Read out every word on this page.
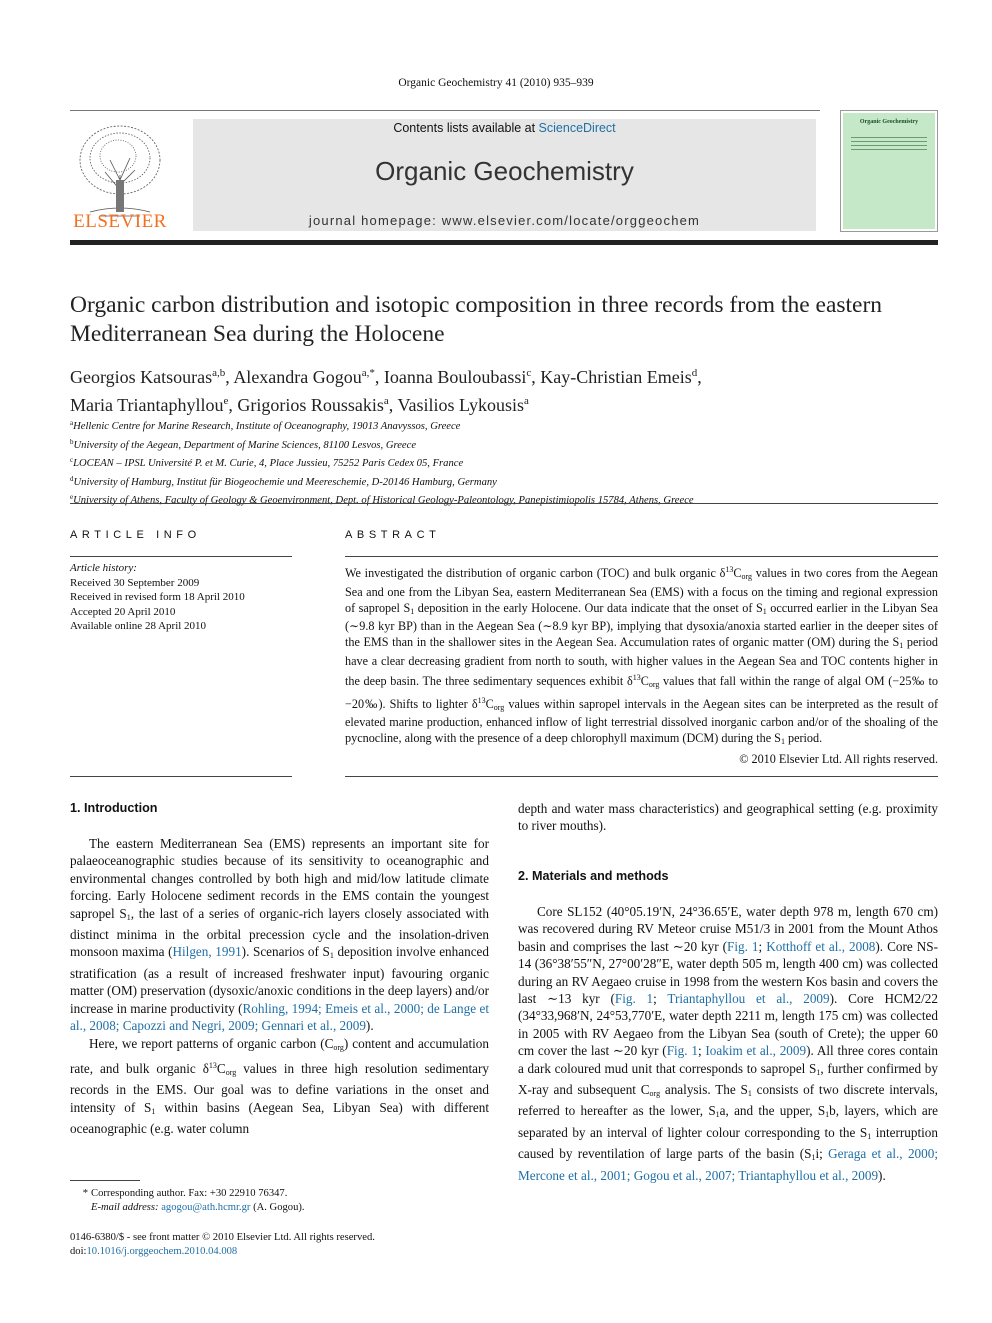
Organic Geochemistry 41 (2010) 935–939
ELSEVIER
Contents lists available at ScienceDirect
Organic Geochemistry
journal homepage: www.elsevier.com/locate/orggeochem
Organic Geochemistry
Organic carbon distribution and isotopic composition in three records from the eastern Mediterranean Sea during the Holocene
Georgios Katsouras$^{a,b}$, Alexandra Gogou$^{a,*}$, Ioanna Bouloubassi$^c$, Kay-Christian Emeis$^d$,
Maria Triantaphyllou$^e$, Grigorios Roussakis$^a$, Vasilios Lykousis$^a$
$^a$Hellenic Centre for Marine Research, Institute of Oceanography, 19013 Anavyssos, Greece
$^b$University of the Aegean, Department of Marine Sciences, 81100 Lesvos, Greece
$^c$LOCEAN – IPSL Université P. et M. Curie, 4, Place Jussieu, 75252 Paris Cedex 05, France
$^d$University of Hamburg, Institut für Biogeochemie und Meereschemie, D-20146 Hamburg, Germany
$^e$University of Athens, Faculty of Geology & Geoenvironment, Dept. of Historical Geology-Paleontology, Panepistimiopolis 15784, Athens, Greece
ARTICLE INFO
Article history:
Received 30 September 2009
Received in revised form 18 April 2010
Accepted 20 April 2010
Available online 28 April 2010
ABSTRACT
We investigated the distribution of organic carbon (TOC) and bulk organic $\delta^{13}C_{org}$ values in two cores from the Aegean Sea and one from the Libyan Sea, eastern Mediterranean Sea (EMS) with a focus on the timing and regional expression of sapropel $S_1$ deposition in the early Holocene. Our data indicate that the onset of $S_1$ occurred earlier in the Libyan Sea (∼9.8 kyr BP) than in the Aegean Sea (∼8.9 kyr BP), implying that dysoxia/anoxia started earlier in the deeper sites of the EMS than in the shallower sites in the Aegean Sea. Accumulation rates of organic matter (OM) during the $S_1$ period have a clear decreasing gradient from north to south, with higher values in the Aegean Sea and TOC contents higher in the deep basin. The three sedimentary sequences exhibit $\delta^{13}C_{org}$ values that fall within the range of algal OM (−25‰ to −20‰). Shifts to lighter $\delta^{13}C_{org}$ values within sapropel intervals in the Aegean sites can be interpreted as the result of elevated marine production, enhanced inflow of light terrestrial dissolved inorganic carbon and/or of the shoaling of the pycnocline, along with the presence of a deep chlorophyll maximum (DCM) during the $S_1$ period.
© 2010 Elsevier Ltd. All rights reserved.
1. Introduction

The eastern Mediterranean Sea (EMS) represents an important site for palaeoceanographic studies because of its sensitivity to oceanographic and environmental changes controlled by both high and mid/low latitude climate forcing. Early Holocene sediment records in the EMS contain the youngest sapropel $S_1$, the last of a series of organic-rich layers closely associated with distinct minima in the orbital precession cycle and the insolation-driven monsoon maxima (Hilgen, 1991). Scenarios of $S_1$ deposition involve enhanced stratification (as a result of increased freshwater input) favouring organic matter (OM) preservation (dysoxic/anoxic conditions in the deep layers) and/or increase in marine productivity (Rohling, 1994; Emeis et al., 2000; de Lange et al., 2008; Capozzi and Negri, 2009; Gennari et al., 2009).

Here, we report patterns of organic carbon $(C_{org})$ content and accumulation rate, and bulk organic $\delta^{13}C_{org}$ values in three high resolution sedimentary records in the EMS. Our goal was to define variations in the onset and intensity of $S_1$ within basins (Aegean Sea, Libyan Sea) with different oceanographic (e.g. water column

depth and water mass characteristics) and geographical setting (e.g. proximity to river mouths).
2. Materials and methods

Core SL152 (40°05.19′N, 24°36.65′E, water depth 978 m, length 670 cm) was recovered during RV Meteor cruise M51/3 in 2001 from the Mount Athos basin and comprises the last ∼20 kyr (Fig. 1; Kotthoff et al., 2008). Core NS-14 (36°38′55″N, 27°00′28″E, water depth 505 m, length 400 cm) was collected during an RV Aegaeo cruise in 1998 from the western Kos basin and covers the last ∼13 kyr (Fig. 1; Triantaphyllou et al., 2009). Core HCM2/22 (34°33,968′N, 24°53,770′E, water depth 2211 m, length 175 cm) was collected in 2005 with RV Aegaeo from the Libyan Sea (south of Crete); the upper 60 cm cover the last ∼20 kyr (Fig. 1; Ioakim et al., 2009). All three cores contain a dark coloured mud unit that corresponds to sapropel $S_1$, further confirmed by X-ray and subsequent $C_{org}$ analysis. The $S_1$ consists of two discrete intervals, referred to hereafter as the lower, $S_1a$, and the upper, $S_1b$, layers, which are separated by an interval of lighter colour corresponding to the $S_1$ interruption caused by reventilation of large parts of the basin ($S_1i$; Geraga et al., 2000; Mercone et al., 2001; Gogou et al., 2007; Triantaphyllou et al., 2009).

* Corresponding author. Fax: +30 22910 76347.
E-mail address: agogou@ath.hcmr.gr (A. Gogou).
0146-6380/$ - see front matter © 2010 Elsevier Ltd. All rights reserved.
doi:10.1016/j.orggeochem.2010.04.008
